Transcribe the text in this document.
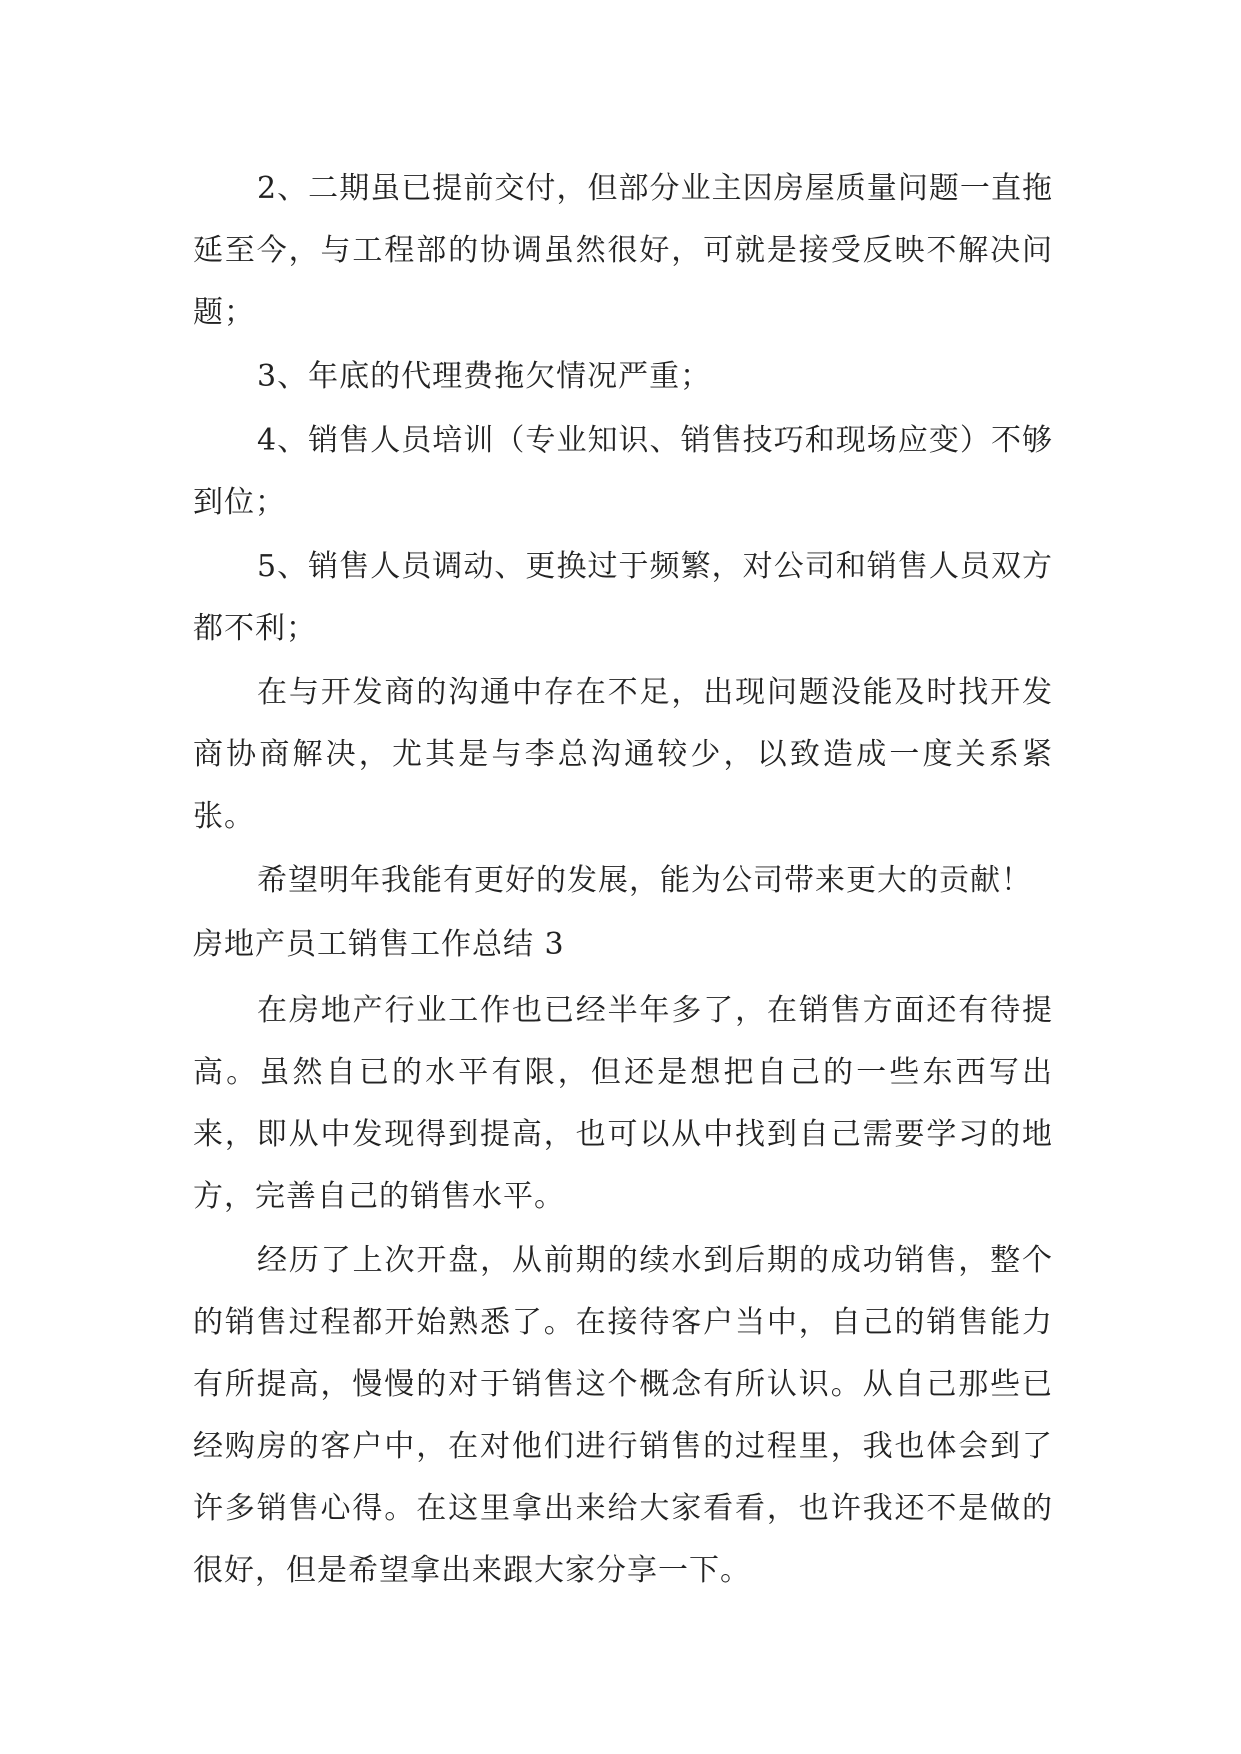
2、二期虽已提前交付，但部分业主因房屋质量问题一直拖延至今，与工程部的协调虽然很好，可就是接受反映不解决问题；

3、年底的代理费拖欠情况严重；

4、销售人员培训（专业知识、销售技巧和现场应变）不够到位；

5、销售人员调动、更换过于频繁，对公司和销售人员双方都不利；

在与开发商的沟通中存在不足，出现问题没能及时找开发商协商解决，尤其是与李总沟通较少，以致造成一度关系紧张。

希望明年我能有更好的发展，能为公司带来更大的贡献！

房地产员工销售工作总结 3

在房地产行业工作也已经半年多了，在销售方面还有待提高。虽然自已的水平有限，但还是想把自己的一些东西写出来，即从中发现得到提高，也可以从中找到自己需要学习的地方，完善自己的销售水平。

经历了上次开盘，从前期的续水到后期的成功销售，整个的销售过程都开始熟悉了。在接待客户当中，自己的销售能力有所提高，慢慢的对于销售这个概念有所认识。从自己那些已经购房的客户中，在对他们进行销售的过程里，我也体会到了许多销售心得。在这里拿出来给大家看看，也许我还不是做的很好，但是希望拿出来跟大家分享一下。
